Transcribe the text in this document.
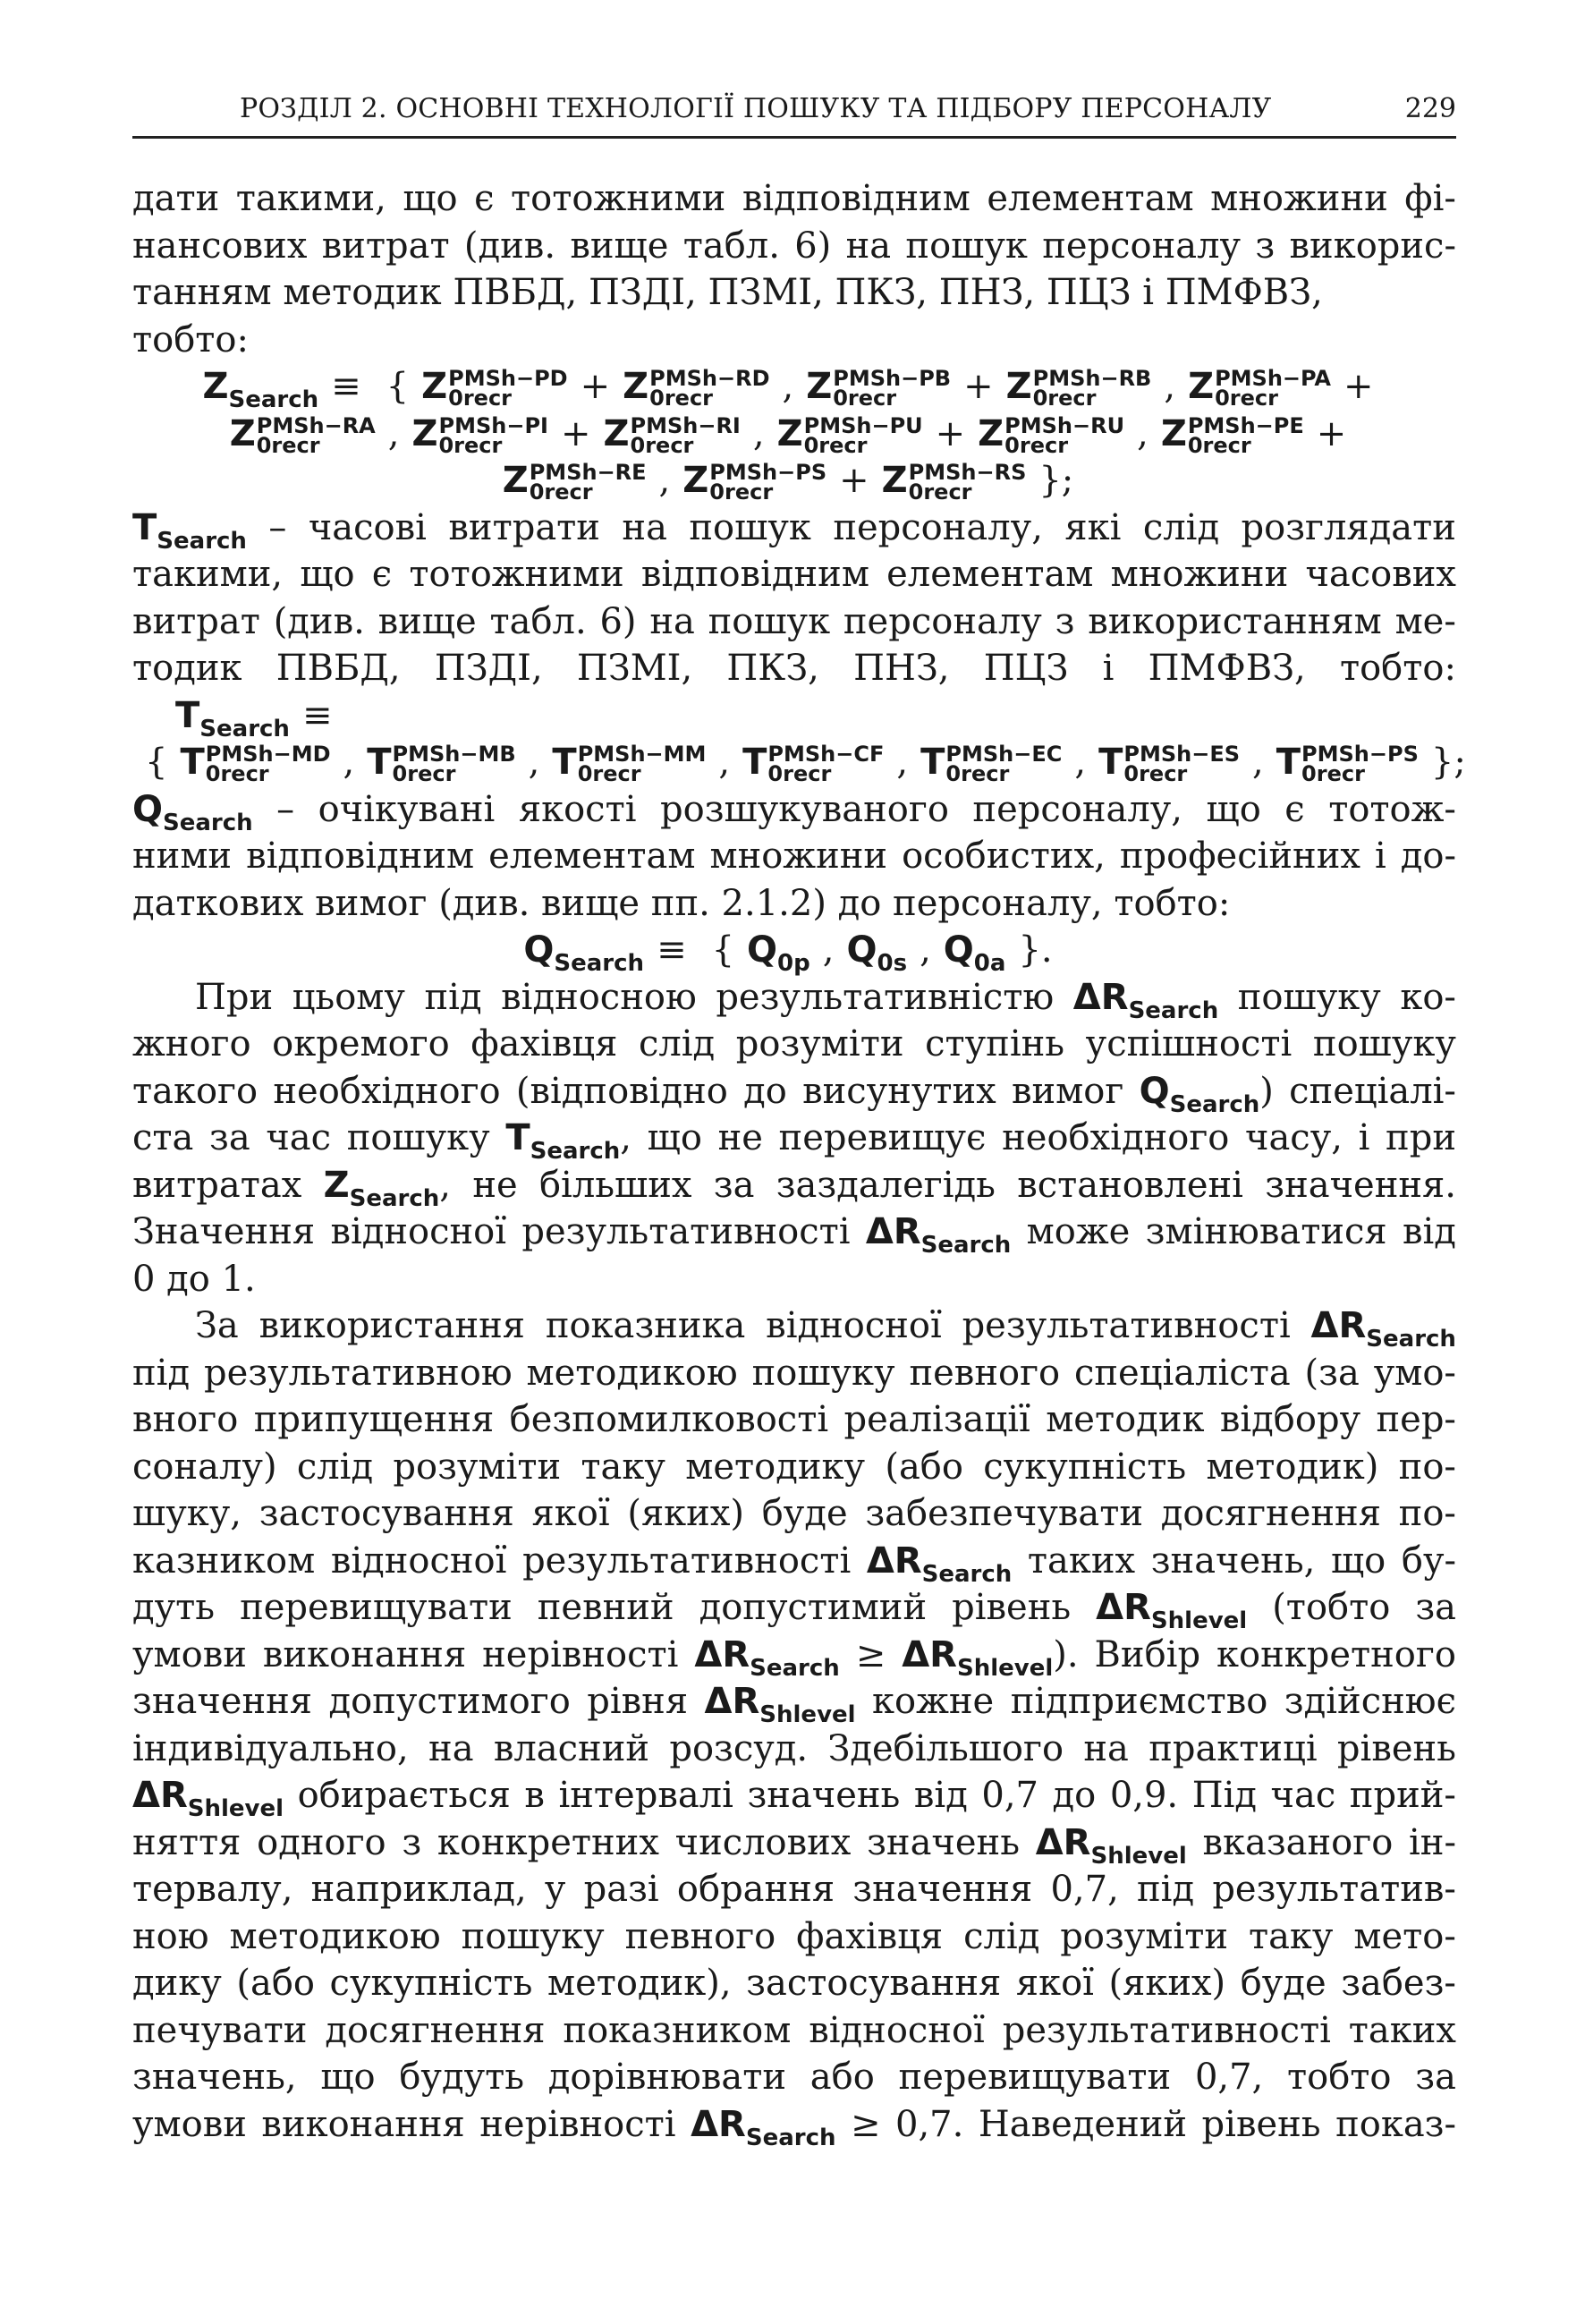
РОЗДІЛ 2. ОСНОВНІ ТЕХНОЛОГІЇ ПОШУКУ ТА ПІДБОРУ ПЕРСОНАЛУ	229
дати такими, що є тотожними відповідним елементам множини фі-
нансових витрат (див. вище табл. 6) на пошук персоналу з викорис-
танням методик ПВБД, ПЗДІ, ПЗМІ, ПКЗ, ПНЗ, ПЦЗ і ПМФВЗ,
тобто:
$Z_{Search}$ ≡ { Z PMSh−PD
0recr	+ Z PMSh−RD
0recr	, Z PMSh−PB
0recr	+ Z PMSh−RB
0recr	, Z PMSh−PA
0recr	+
Z PMSh−RA
0recr	, Z PMSh−PI
0recr	+ Z PMSh−RI
0recr	, Z PMSh−PU
0recr	+ Z PMSh−RU
0recr	, Z PMSh−PE
0recr	+
Z PMSh−RE
0recr	, Z PMSh−PS
0recr	+ Z PMSh−RS
0recr	};
$T_{Search}$ – часові витрати на пошук персоналу, які слід розглядати
такими, що є тотожними відповідним елементам множини часових
витрат (див. вище табл. 6) на пошук персоналу з використанням ме-
тодик ПВБД, ПЗДІ, ПЗМІ, ПКЗ, ПНЗ, ПЦЗ і ПМФВЗ, тобто:
$T_{Search}$ ≡
{ T PMSh−MD
0recr	, T PMSh−MB
0recr	, T PMSh−MM
0recr	, T PMSh−CF
0recr	, T PMSh−EC
0recr	, T PMSh−ES
0recr	, T PMSh−PS
0recr	};
$Q_{Search}$ – очікувані якості розшукуваного персоналу, що є тотож-
ними відповідним елементам множини особистих, професійних і до-
даткових вимог (див. вище пп. 2.1.2) до персоналу, тобто:
$Q_{Search}$ ≡ { $Q_{0p}$ , $Q_{0s}$ , $Q_{0a}$ }.
При цьому під відносною результативністю $\Delta R_{Search}$ пошуку ко-
жного окремого фахівця слід розуміти ступінь успішності пошуку
такого необхідного (відповідно до висунутих вимог $Q_{Search}$) спеціалі-
ста за час пошуку $T_{Search}$, що не перевищує необхідного часу, і при
витратах $Z_{Search}$, не більших за заздалегідь встановлені значення.
Значення відносної результативності $\Delta R_{Search}$ може змінюватися від
0 до 1.
За використання показника відносної результативності $\Delta R_{Search}$
під результативною методикою пошуку певного спеціаліста (за умо-
вного припущення безпомилковості реалізації методик відбору пер-
соналу) слід розуміти таку методику (або сукупність методик) по-
шуку, застосування якої (яких) буде забезпечувати досягнення по-
казником відносної результативності $\Delta R_{Search}$ таких значень, що бу-
дуть перевищувати певний допустимий рівень $\Delta R_{Shlevel}$ (тобто за
умови виконання нерівності $\Delta R_{Search} \ge \Delta R_{Shlevel}$). Вибір конкретного
значення допустимого рівня $\Delta R_{Shlevel}$ кожне підприємство здійснює
індивідуально, на власний розсуд. Здебільшого на практиці рівень
$\Delta R_{Shlevel}$ обирається в інтервалі значень від 0,7 до 0,9. Під час прий-
няття одного з конкретних числових значень $\Delta R_{Shlevel}$ вказаного ін-
тервалу, наприклад, у разі обрання значення 0,7, під результатив-
ною методикою пошуку певного фахівця слід розуміти таку мето-
дику (або сукупність методик), застосування якої (яких) буде забез-
печувати досягнення показником відносної результативності таких
значень, що будуть дорівнювати або перевищувати 0,7, тобто за
умови виконання нерівності $\Delta R_{Search} \ge 0,7$. Наведений рівень показ-
